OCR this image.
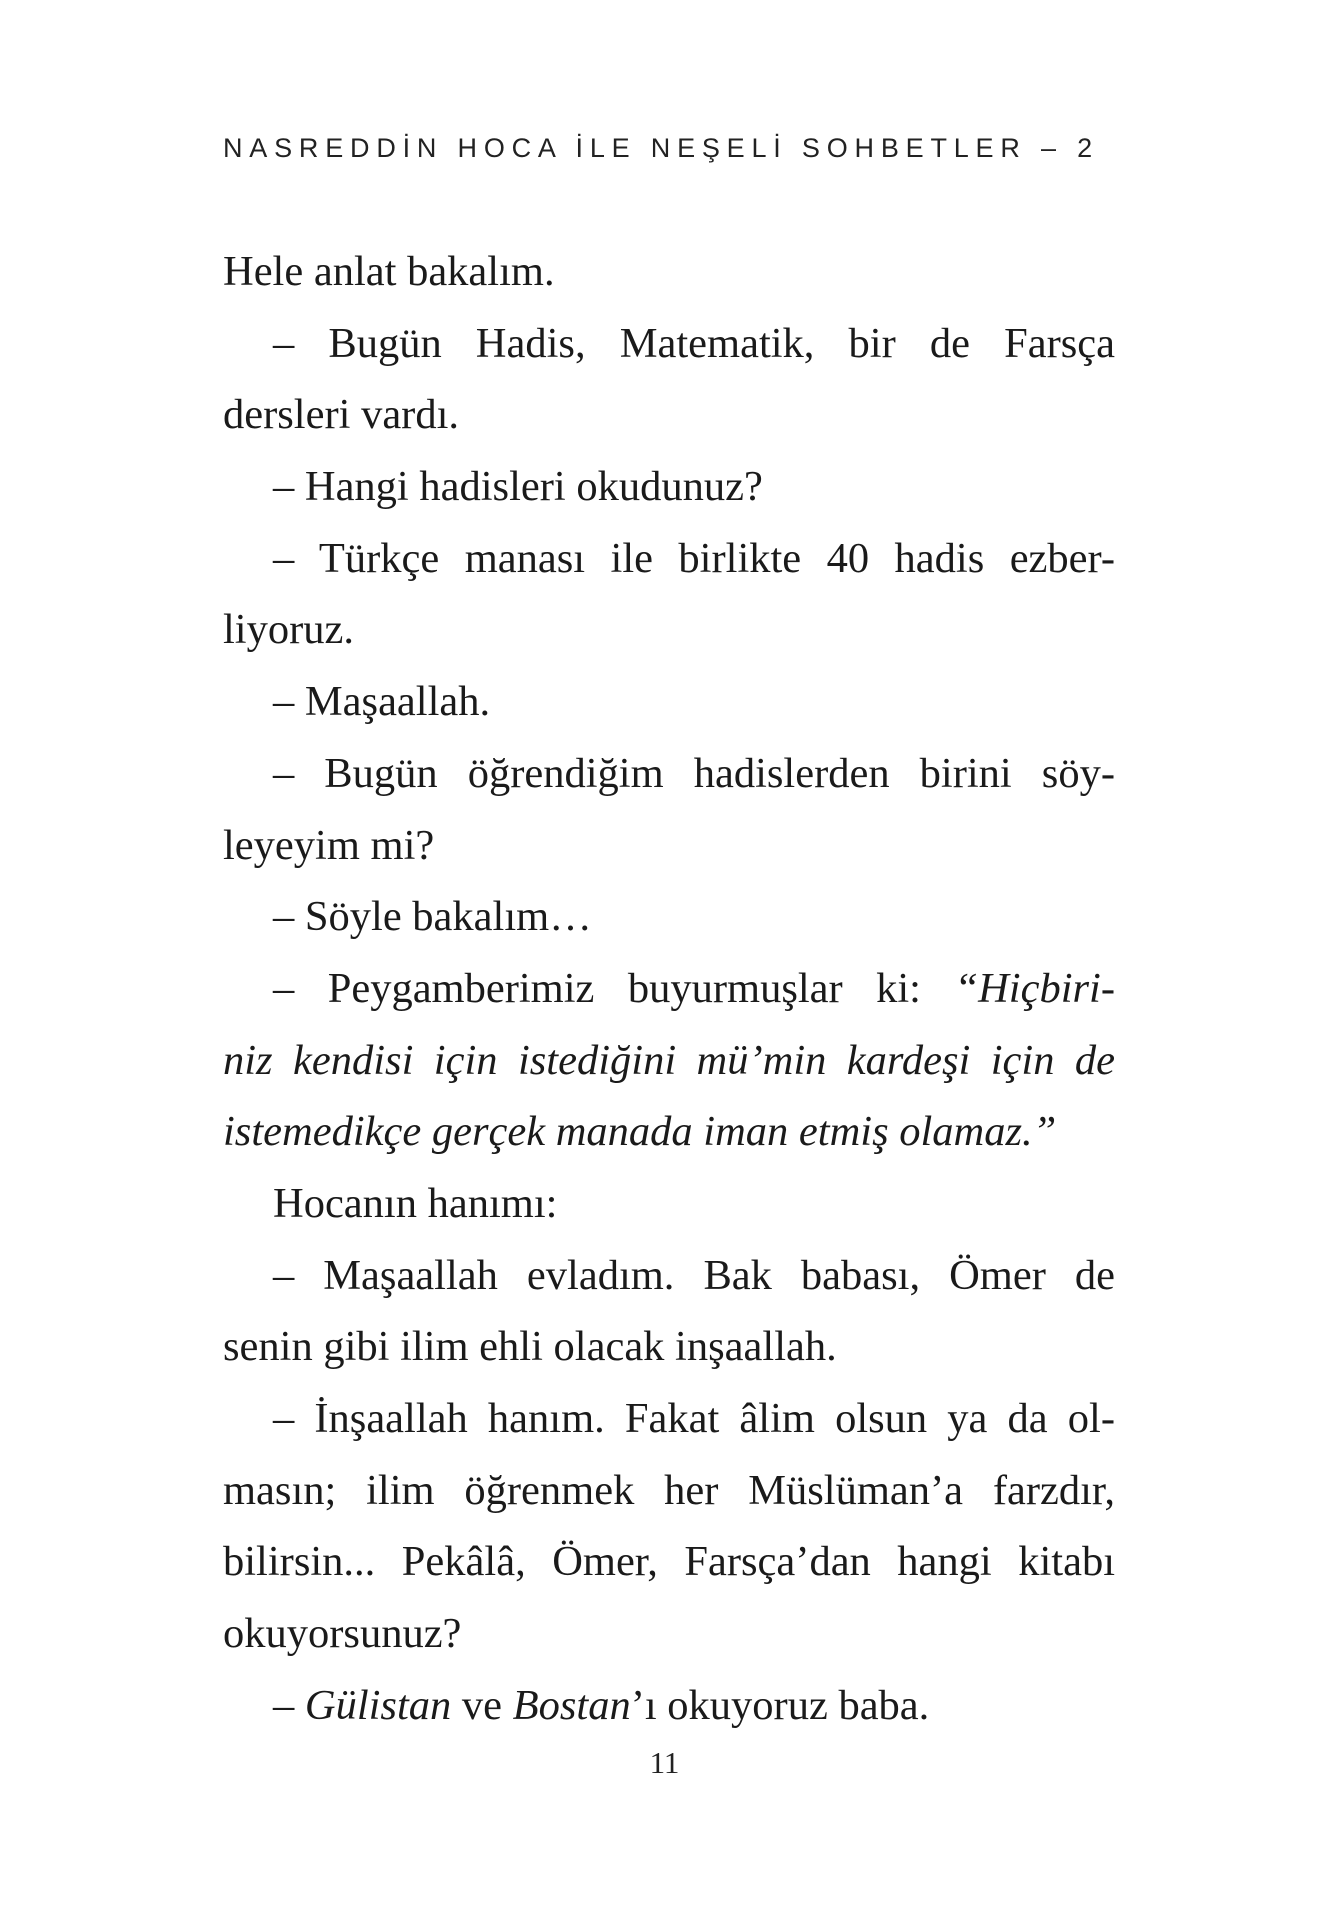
NASREDDİN HOCA İLE NEŞELİ SOHBETLER – 2
Hele anlat bakalım.
– Bugün Hadis, Matematik, bir de Farsça
dersleri vardı.
– Hangi hadisleri okudunuz?
– Türkçe manası ile birlikte 40 hadis ezber-
liyoruz.
– Maşaallah.
– Bugün öğrendiğim hadislerden birini söy-
leyeyim mi?
– Söyle bakalım…
– Peygamberimiz buyurmuşlar ki: “Hiçbiri-
niz kendisi için istediğini mü’min kardeşi için de
istemedikçe gerçek manada iman etmiş olamaz.”
Hocanın hanımı:
– Maşaallah evladım. Bak babası, Ömer de
senin gibi ilim ehli olacak inşaallah.
– İnşaallah hanım. Fakat âlim olsun ya da ol-
masın; ilim öğrenmek her Müslüman’a farzdır,
bilirsin... Pekâlâ, Ömer, Farsça’dan hangi kitabı
okuyorsunuz?
– Gülistan ve Bostan’ı okuyoruz baba.
11
